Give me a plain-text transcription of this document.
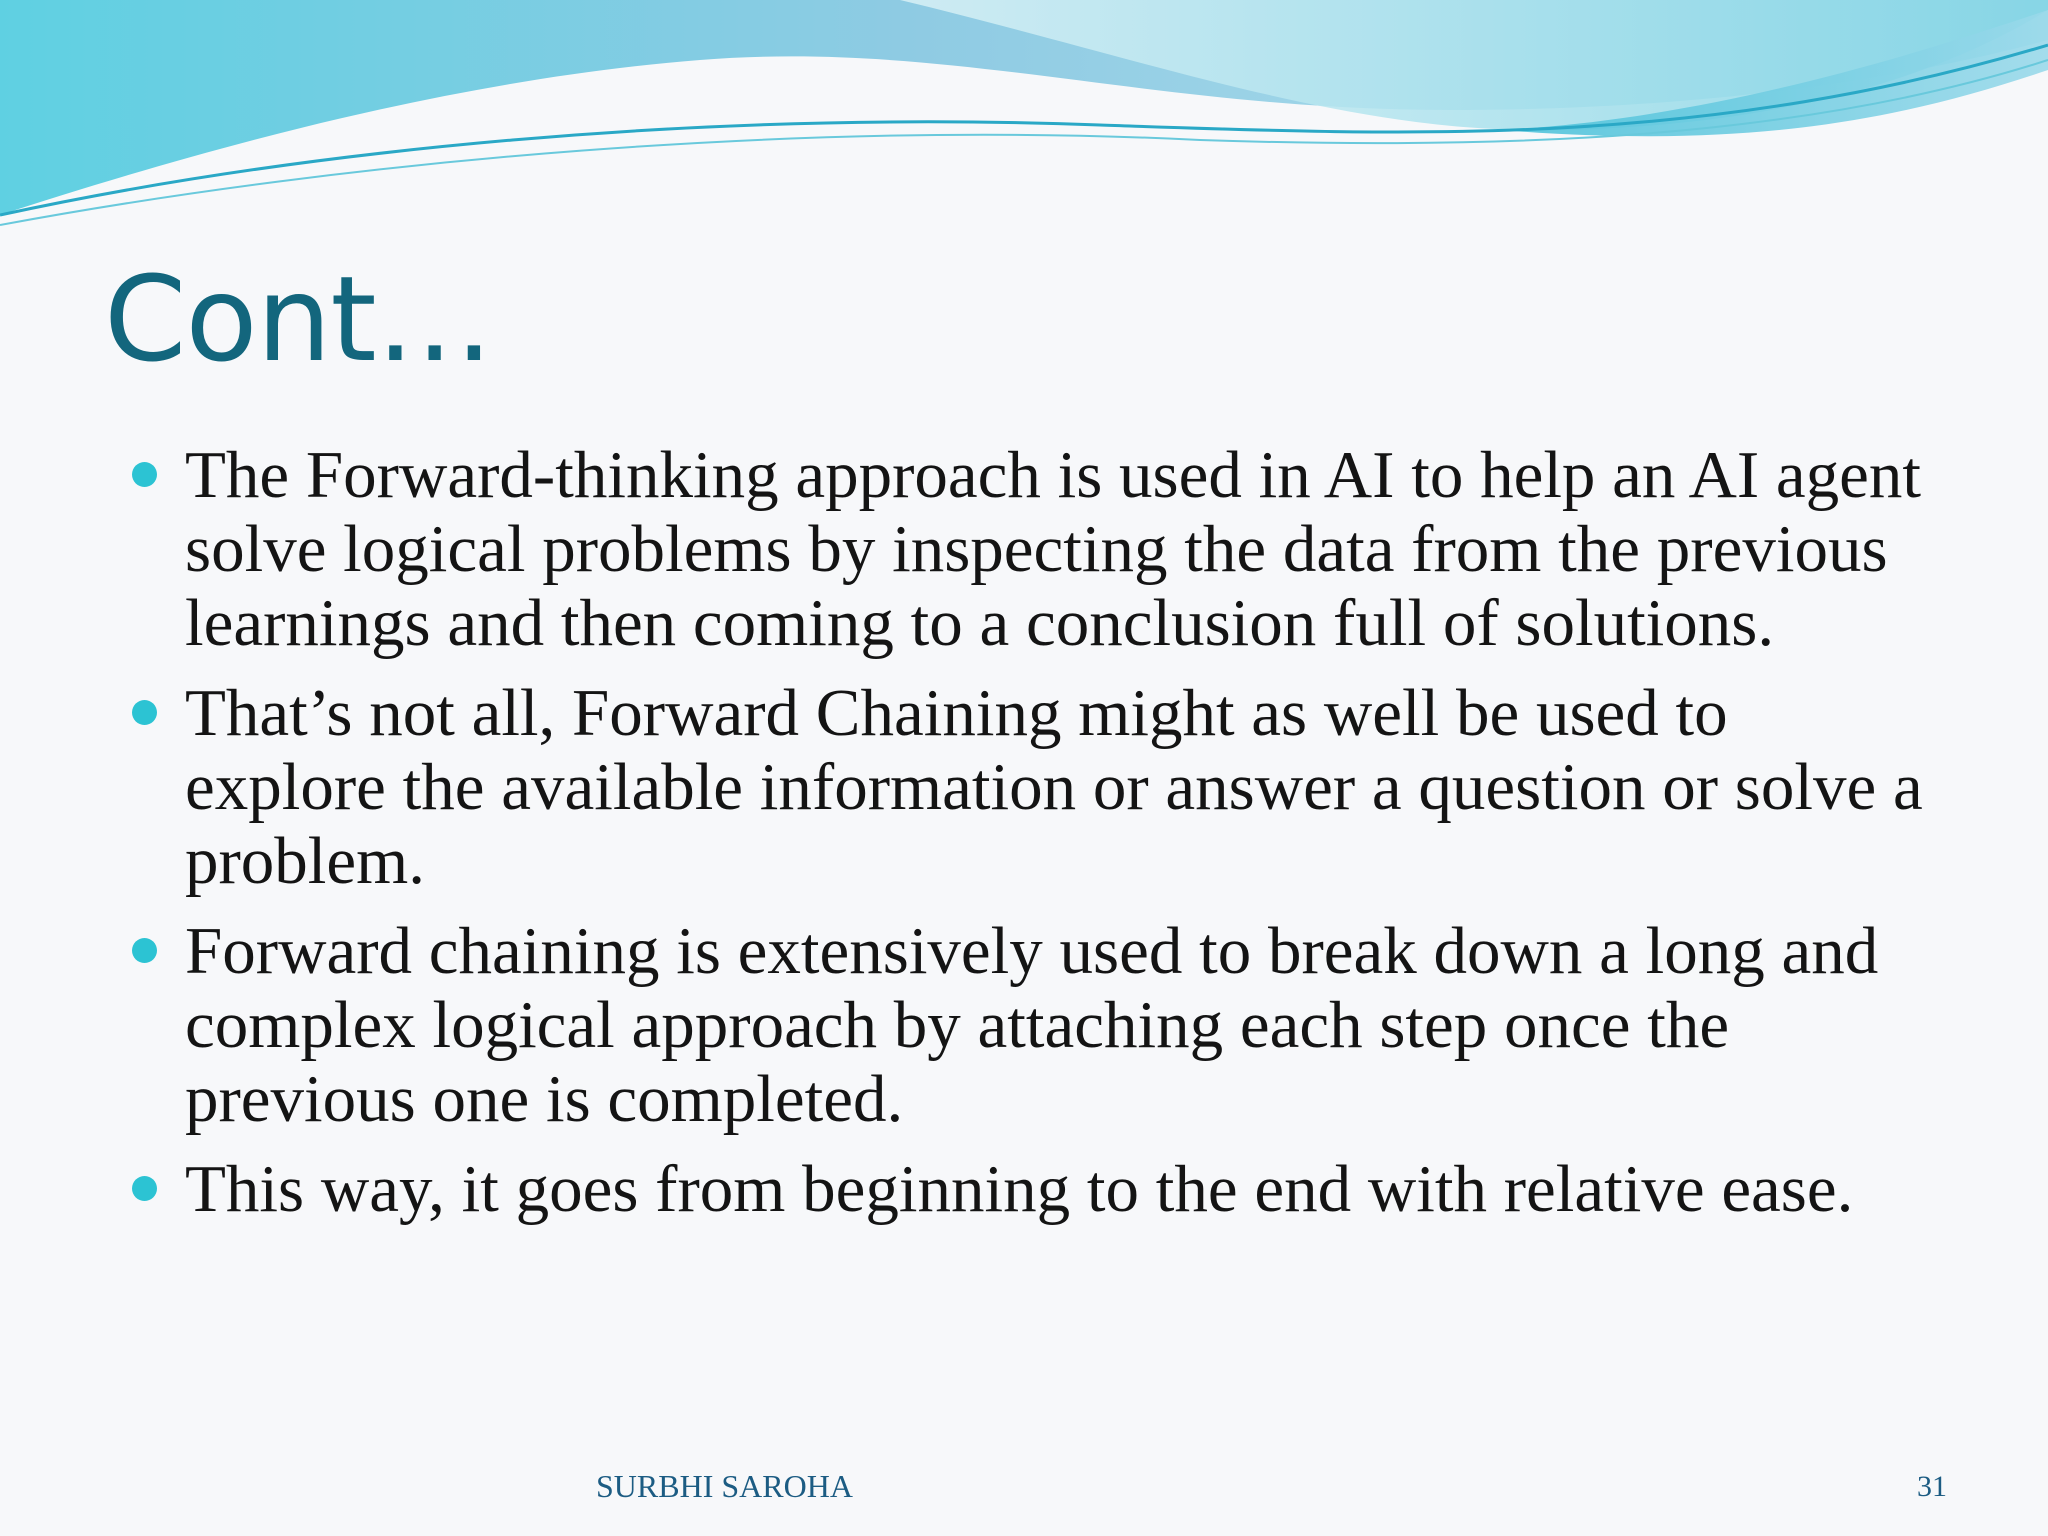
Cont…
The Forward-thinking approach is used in AI to help an AI agent solve logical problems by inspecting the data from the previous learnings and then coming to a conclusion full of solutions.
That’s not all, Forward Chaining might as well be used to explore the available information or answer a question or solve a problem.
Forward chaining is extensively used to break down a long and complex logical approach by attaching each step once the previous one is completed.
This way, it goes from beginning to the end with relative ease.
SURBHI SAROHA	31
